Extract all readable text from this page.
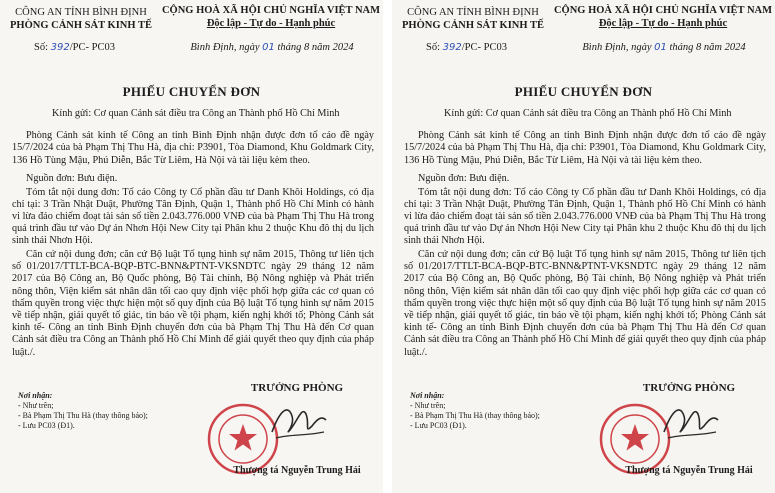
CÔNG AN TỈNH BÌNH ĐỊNH
PHÒNG CẢNH SÁT KINH TẾ
CỘNG HOÀ XÃ HỘI CHỦ NGHĨA VIỆT NAM
Độc lập - Tự do - Hạnh phúc
Số: 392/PC- PC03	Bình Định, ngày 01 tháng 8 năm 2024
PHIẾU CHUYỂN ĐƠN

Kính gửi: Cơ quan Cảnh sát điều tra Công an Thành phố Hồ Chí Minh

Phòng Cảnh sát kinh tế Công an tỉnh Bình Định nhận được đơn tố cáo đề ngày 15/7/2024 của bà Phạm Thị Thu Hà, địa chỉ: P3901, Tòa Diamond, Khu Goldmark City, 136 Hồ Tùng Mậu, Phú Diễn, Bắc Từ Liêm, Hà Nội và tài liệu kèm theo.

Nguồn đơn: Bưu điện.

Tóm tắt nội dung đơn: Tố cáo Công ty Cổ phần đầu tư Danh Khôi Holdings, có địa chỉ tại: 3 Trần Nhật Duật, Phường Tân Định, Quận 1, Thành phố Hồ Chí Minh có hành vi lừa đảo chiếm đoạt tài sản số tiền 2.043.776.000 VNĐ của bà Phạm Thị Thu Hà trong quá trình đầu tư vào Dự án Nhơn Hội New City tại Phân khu 2 thuộc Khu đô thị du lịch sinh thái Nhơn Hội.

Căn cứ nội dung đơn; căn cứ Bộ luật Tố tụng hình sự năm 2015, Thông tư liên tịch số 01/2017/TTLT-BCA-BQP-BTC-BNN&PTNT-VKSNDTC ngày 29 tháng 12 năm 2017 của Bộ Công an, Bộ Quốc phòng, Bộ Tài chính, Bộ Nông nghiệp và Phát triển nông thôn, Viện kiểm sát nhân dân tối cao quy định việc phối hợp giữa các cơ quan có thẩm quyền trong việc thực hiện một số quy định của Bộ luật Tố tụng hình sự năm 2015 về tiếp nhận, giải quyết tố giác, tin báo về tội phạm, kiến nghị khởi tố; Phòng Cảnh sát kinh tế- Công an tỉnh Bình Định chuyển đơn của bà Phạm Thị Thu Hà đến Cơ quan Cảnh sát điều tra Công an Thành phố Hồ Chí Minh để giải quyết theo quy định của pháp luật./.

Nơi nhận:
- Như trên;
- Bà Phạm Thị Thu Hà (thay thông báo);
- Lưu PC03 (Đ1).
TRƯỞNG PHÒNG
Thượng tá Nguyễn Trung Hải
CÔNG AN TỈNH BÌNH ĐỊNH
PHÒNG CẢNH SÁT KINH TẾ
CỘNG HOÀ XÃ HỘI CHỦ NGHĨA VIỆT NAM
Độc lập - Tự do - Hạnh phúc
Số: 392/PC- PC03	Bình Định, ngày 01 tháng 8 năm 2024
PHIẾU CHUYỂN ĐƠN

Kính gửi: Cơ quan Cảnh sát điều tra Công an Thành phố Hồ Chí Minh

Phòng Cảnh sát kinh tế Công an tỉnh Bình Định nhận được đơn tố cáo đề ngày 15/7/2024 của bà Phạm Thị Thu Hà, địa chỉ: P3901, Tòa Diamond, Khu Goldmark City, 136 Hồ Tùng Mậu, Phú Diễn, Bắc Từ Liêm, Hà Nội và tài liệu kèm theo.

Nguồn đơn: Bưu điện.

Tóm tắt nội dung đơn: Tố cáo Công ty Cổ phần đầu tư Danh Khôi Holdings, có địa chỉ tại: 3 Trần Nhật Duật, Phường Tân Định, Quận 1, Thành phố Hồ Chí Minh có hành vi lừa đảo chiếm đoạt tài sản số tiền 2.043.776.000 VNĐ của bà Phạm Thị Thu Hà trong quá trình đầu tư vào Dự án Nhơn Hội New City tại Phân khu 2 thuộc Khu đô thị du lịch sinh thái Nhơn Hội.

Căn cứ nội dung đơn; căn cứ Bộ luật Tố tụng hình sự năm 2015, Thông tư liên tịch số 01/2017/TTLT-BCA-BQP-BTC-BNN&PTNT-VKSNDTC ngày 29 tháng 12 năm 2017 của Bộ Công an, Bộ Quốc phòng, Bộ Tài chính, Bộ Nông nghiệp và Phát triển nông thôn, Viện kiểm sát nhân dân tối cao quy định việc phối hợp giữa các cơ quan có thẩm quyền trong việc thực hiện một số quy định của Bộ luật Tố tụng hình sự năm 2015 về tiếp nhận, giải quyết tố giác, tin báo về tội phạm, kiến nghị khởi tố; Phòng Cảnh sát kinh tế- Công an tỉnh Bình Định chuyển đơn của bà Phạm Thị Thu Hà đến Cơ quan Cảnh sát điều tra Công an Thành phố Hồ Chí Minh để giải quyết theo quy định của pháp luật./.

Nơi nhận:
- Như trên;
- Bà Phạm Thị Thu Hà (thay thông báo);
- Lưu PC03 (Đ1).
TRƯỞNG PHÒNG
Thượng tá Nguyễn Trung Hải
